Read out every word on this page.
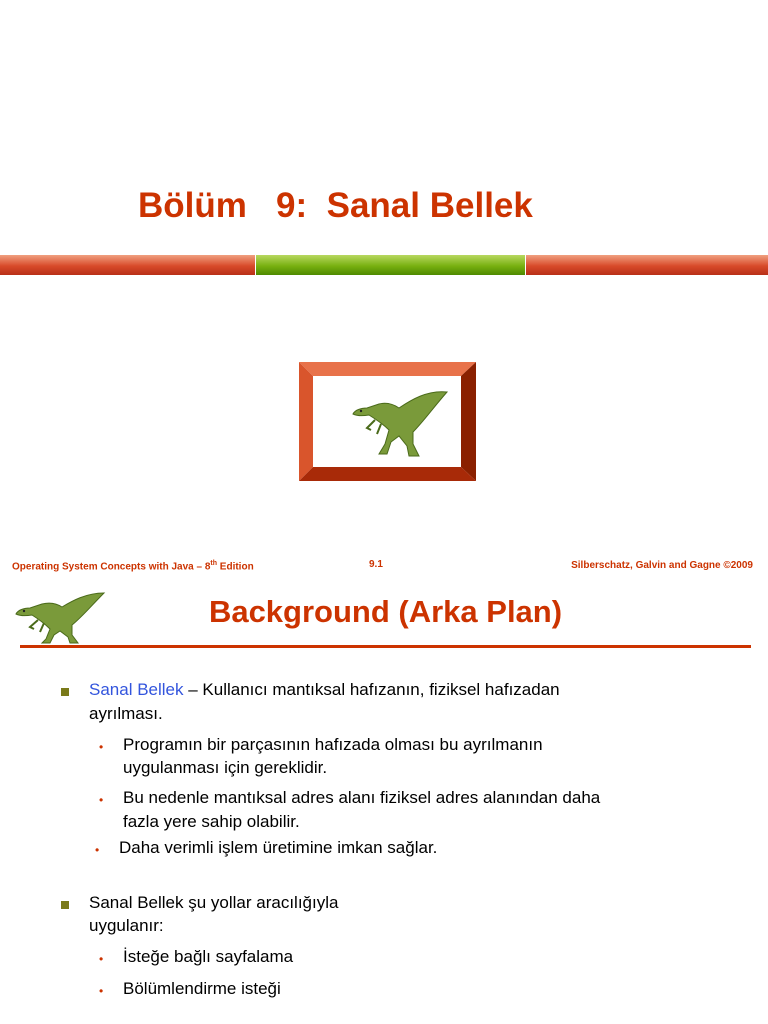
Bölüm   9:  Sanal Bellek
Operating System Concepts with Java – 8th Edition	9.1	Silberschatz, Galvin and Gagne ©2009
Background (Arka Plan)
Sanal Bellek – Kullanıcı mantıksal hafızanın, fiziksel hafızadan
ayrılması.
• Programın bir parçasının hafızada olması bu ayrılmanın
uygulanması için gereklidir.
• Bu nedenle mantıksal adres alanı fiziksel adres alanından daha
fazla yere sahip olabilir.
• Daha verimli işlem üretimine imkan sağlar.
Sanal Bellek şu yollar aracılığıyla
uygulanır:
• İsteğe bağlı sayfalama
• Bölümlendirme isteği
